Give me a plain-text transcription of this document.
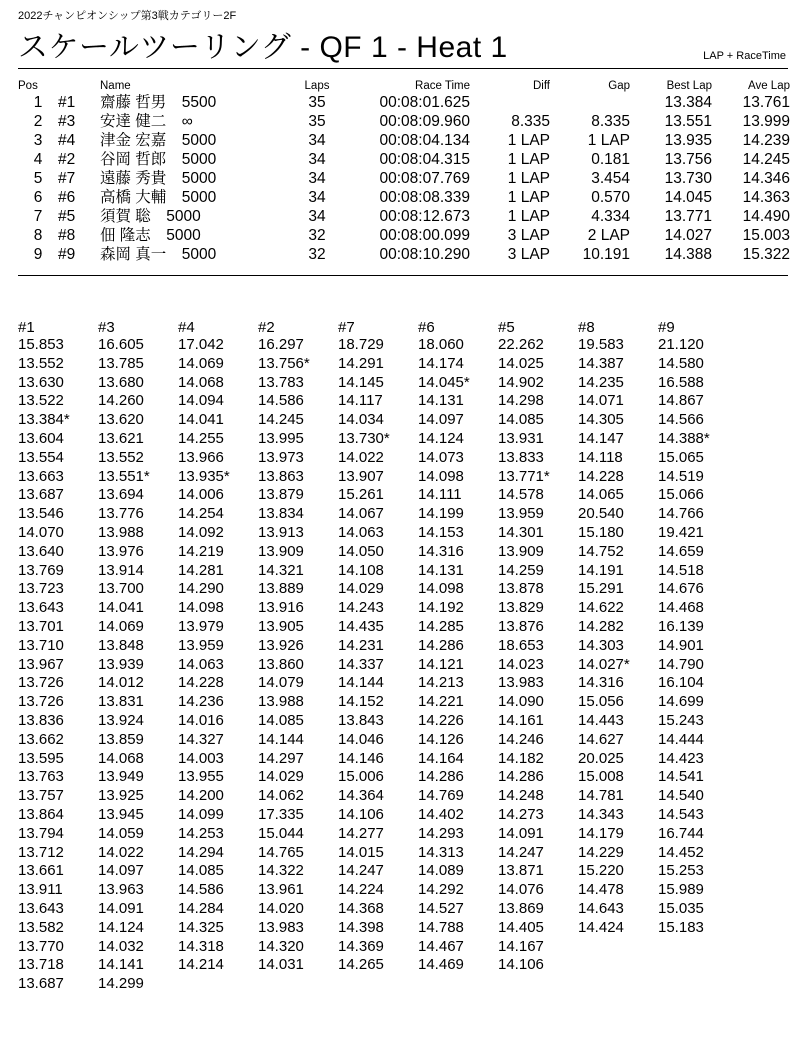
2022チャンピオンシップ第3戦カテゴリー2F
スケールツーリング - QF 1 - Heat 1	LAP + RaceTime
Pos		Name	Laps	Race Time	Diff	Gap	Best Lap	Ave Lap
1	#1	齋藤 哲男　5500	35	00:08:01.625			13.384	13.761
2	#3	安達 健二　∞	35	00:08:09.960	8.335	8.335	13.551	13.999
3	#4	津金 宏嘉　5000	34	00:08:04.134	1 LAP	1 LAP	13.935	14.239
4	#2	谷岡 哲郎　5000	34	00:08:04.315	1 LAP	0.181	13.756	14.245
5	#7	遠藤 秀貴　5000	34	00:08:07.769	1 LAP	3.454	13.730	14.346
6	#6	高橋 大輔　5000	34	00:08:08.339	1 LAP	0.570	14.045	14.363
7	#5	須賀 聡　5000	34	00:08:12.673	1 LAP	4.334	13.771	14.490
8	#8	佃 隆志　5000	32	00:08:00.099	3 LAP	2 LAP	14.027	15.003
9	#9	森岡 真一　5000	32	00:08:10.290	3 LAP	10.191	14.388	15.322
#1	#3	#4	#2	#7	#6	#5	#8	#9
15.853	16.605	17.042	16.297	18.729	18.060	22.262	19.583	21.120
13.552	13.785	14.069	13.756*	14.291	14.174	14.025	14.387	14.580
13.630	13.680	14.068	13.783	14.145	14.045*	14.902	14.235	16.588
13.522	14.260	14.094	14.586	14.117	14.131	14.298	14.071	14.867
13.384*	13.620	14.041	14.245	14.034	14.097	14.085	14.305	14.566
13.604	13.621	14.255	13.995	13.730*	14.124	13.931	14.147	14.388*
13.554	13.552	13.966	13.973	14.022	14.073	13.833	14.118	15.065
13.663	13.551*	13.935*	13.863	13.907	14.098	13.771*	14.228	14.519
13.687	13.694	14.006	13.879	15.261	14.111	14.578	14.065	15.066
13.546	13.776	14.254	13.834	14.067	14.199	13.959	20.540	14.766
14.070	13.988	14.092	13.913	14.063	14.153	14.301	15.180	19.421
13.640	13.976	14.219	13.909	14.050	14.316	13.909	14.752	14.659
13.769	13.914	14.281	14.321	14.108	14.131	14.259	14.191	14.518
13.723	13.700	14.290	13.889	14.029	14.098	13.878	15.291	14.676
13.643	14.041	14.098	13.916	14.243	14.192	13.829	14.622	14.468
13.701	14.069	13.979	13.905	14.435	14.285	13.876	14.282	16.139
13.710	13.848	13.959	13.926	14.231	14.286	18.653	14.303	14.901
13.967	13.939	14.063	13.860	14.337	14.121	14.023	14.027*	14.790
13.726	14.012	14.228	14.079	14.144	14.213	13.983	14.316	16.104
13.726	13.831	14.236	13.988	14.152	14.221	14.090	15.056	14.699
13.836	13.924	14.016	14.085	13.843	14.226	14.161	14.443	15.243
13.662	13.859	14.327	14.144	14.046	14.126	14.246	14.627	14.444
13.595	14.068	14.003	14.297	14.146	14.164	14.182	20.025	14.423
13.763	13.949	13.955	14.029	15.006	14.286	14.286	15.008	14.541
13.757	13.925	14.200	14.062	14.364	14.769	14.248	14.781	14.540
13.864	13.945	14.099	17.335	14.106	14.402	14.273	14.343	14.543
13.794	14.059	14.253	15.044	14.277	14.293	14.091	14.179	16.744
13.712	14.022	14.294	14.765	14.015	14.313	14.247	14.229	14.452
13.661	14.097	14.085	14.322	14.247	14.089	13.871	15.220	15.253
13.911	13.963	14.586	13.961	14.224	14.292	14.076	14.478	15.989
13.643	14.091	14.284	14.020	14.368	14.527	13.869	14.643	15.035
13.582	14.124	14.325	13.983	14.398	14.788	14.405	14.424	15.183
13.770	14.032	14.318	14.320	14.369	14.467	14.167		
13.718	14.141	14.214	14.031	14.265	14.469	14.106		
13.687	14.299							
